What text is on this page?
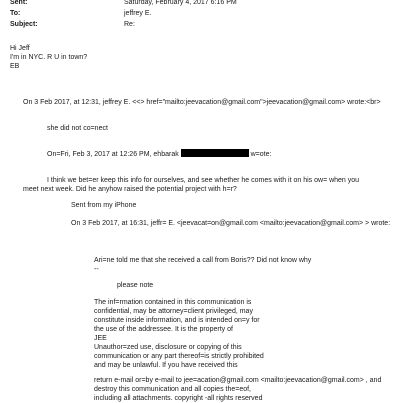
Sent:	Saturday, February 4, 2017 6:16 PM
To:	jeffrey E.
Subject:	Re:
Hi Jeff
I'm in NYC. R U in town?
EB
On 3 Feb 2017, at 12:31, jeffrey E. <<> href="mailto:jeevacation@gmail.com">jeevacation@gmail.com> wrote:<br>
she did not co=nect
On=Fri, Feb 3, 2017 at 12:26 PM, ehbarak	w=ote:
I think we bet=er keep this info for ourselves, and see whether he comes with it on his ow= when you
meet next week. Did he anyhow raised the potential project with h=r?
Sent from my iPhone
On 3 Feb 2017, at 16:31, jeffr= E. <jeevacat=on@gmail.com <mailto:jeevacation@gmail.com> > wrote:
Ari=ne told me that she received a call from Boris?? Did not know why
--
please note
The inf=rmation contained in this communication is
confidential, may be attorney=client privileged, may
constitute inside information, and is intended on=y for
the use of the addressee. It is the property of
JEE
Unauthor=zed use, disclosure or copying of this
communication or any part thereof=is strictly prohibited
and may be unlawful. If you have received this
return e-mail or=by e-mail to jee=acation@gmail.com <mailto:jeevacation@gmail.com> , and
destroy this communication and all copies the=eof,
including all attachments. copyright -all rights reserved
